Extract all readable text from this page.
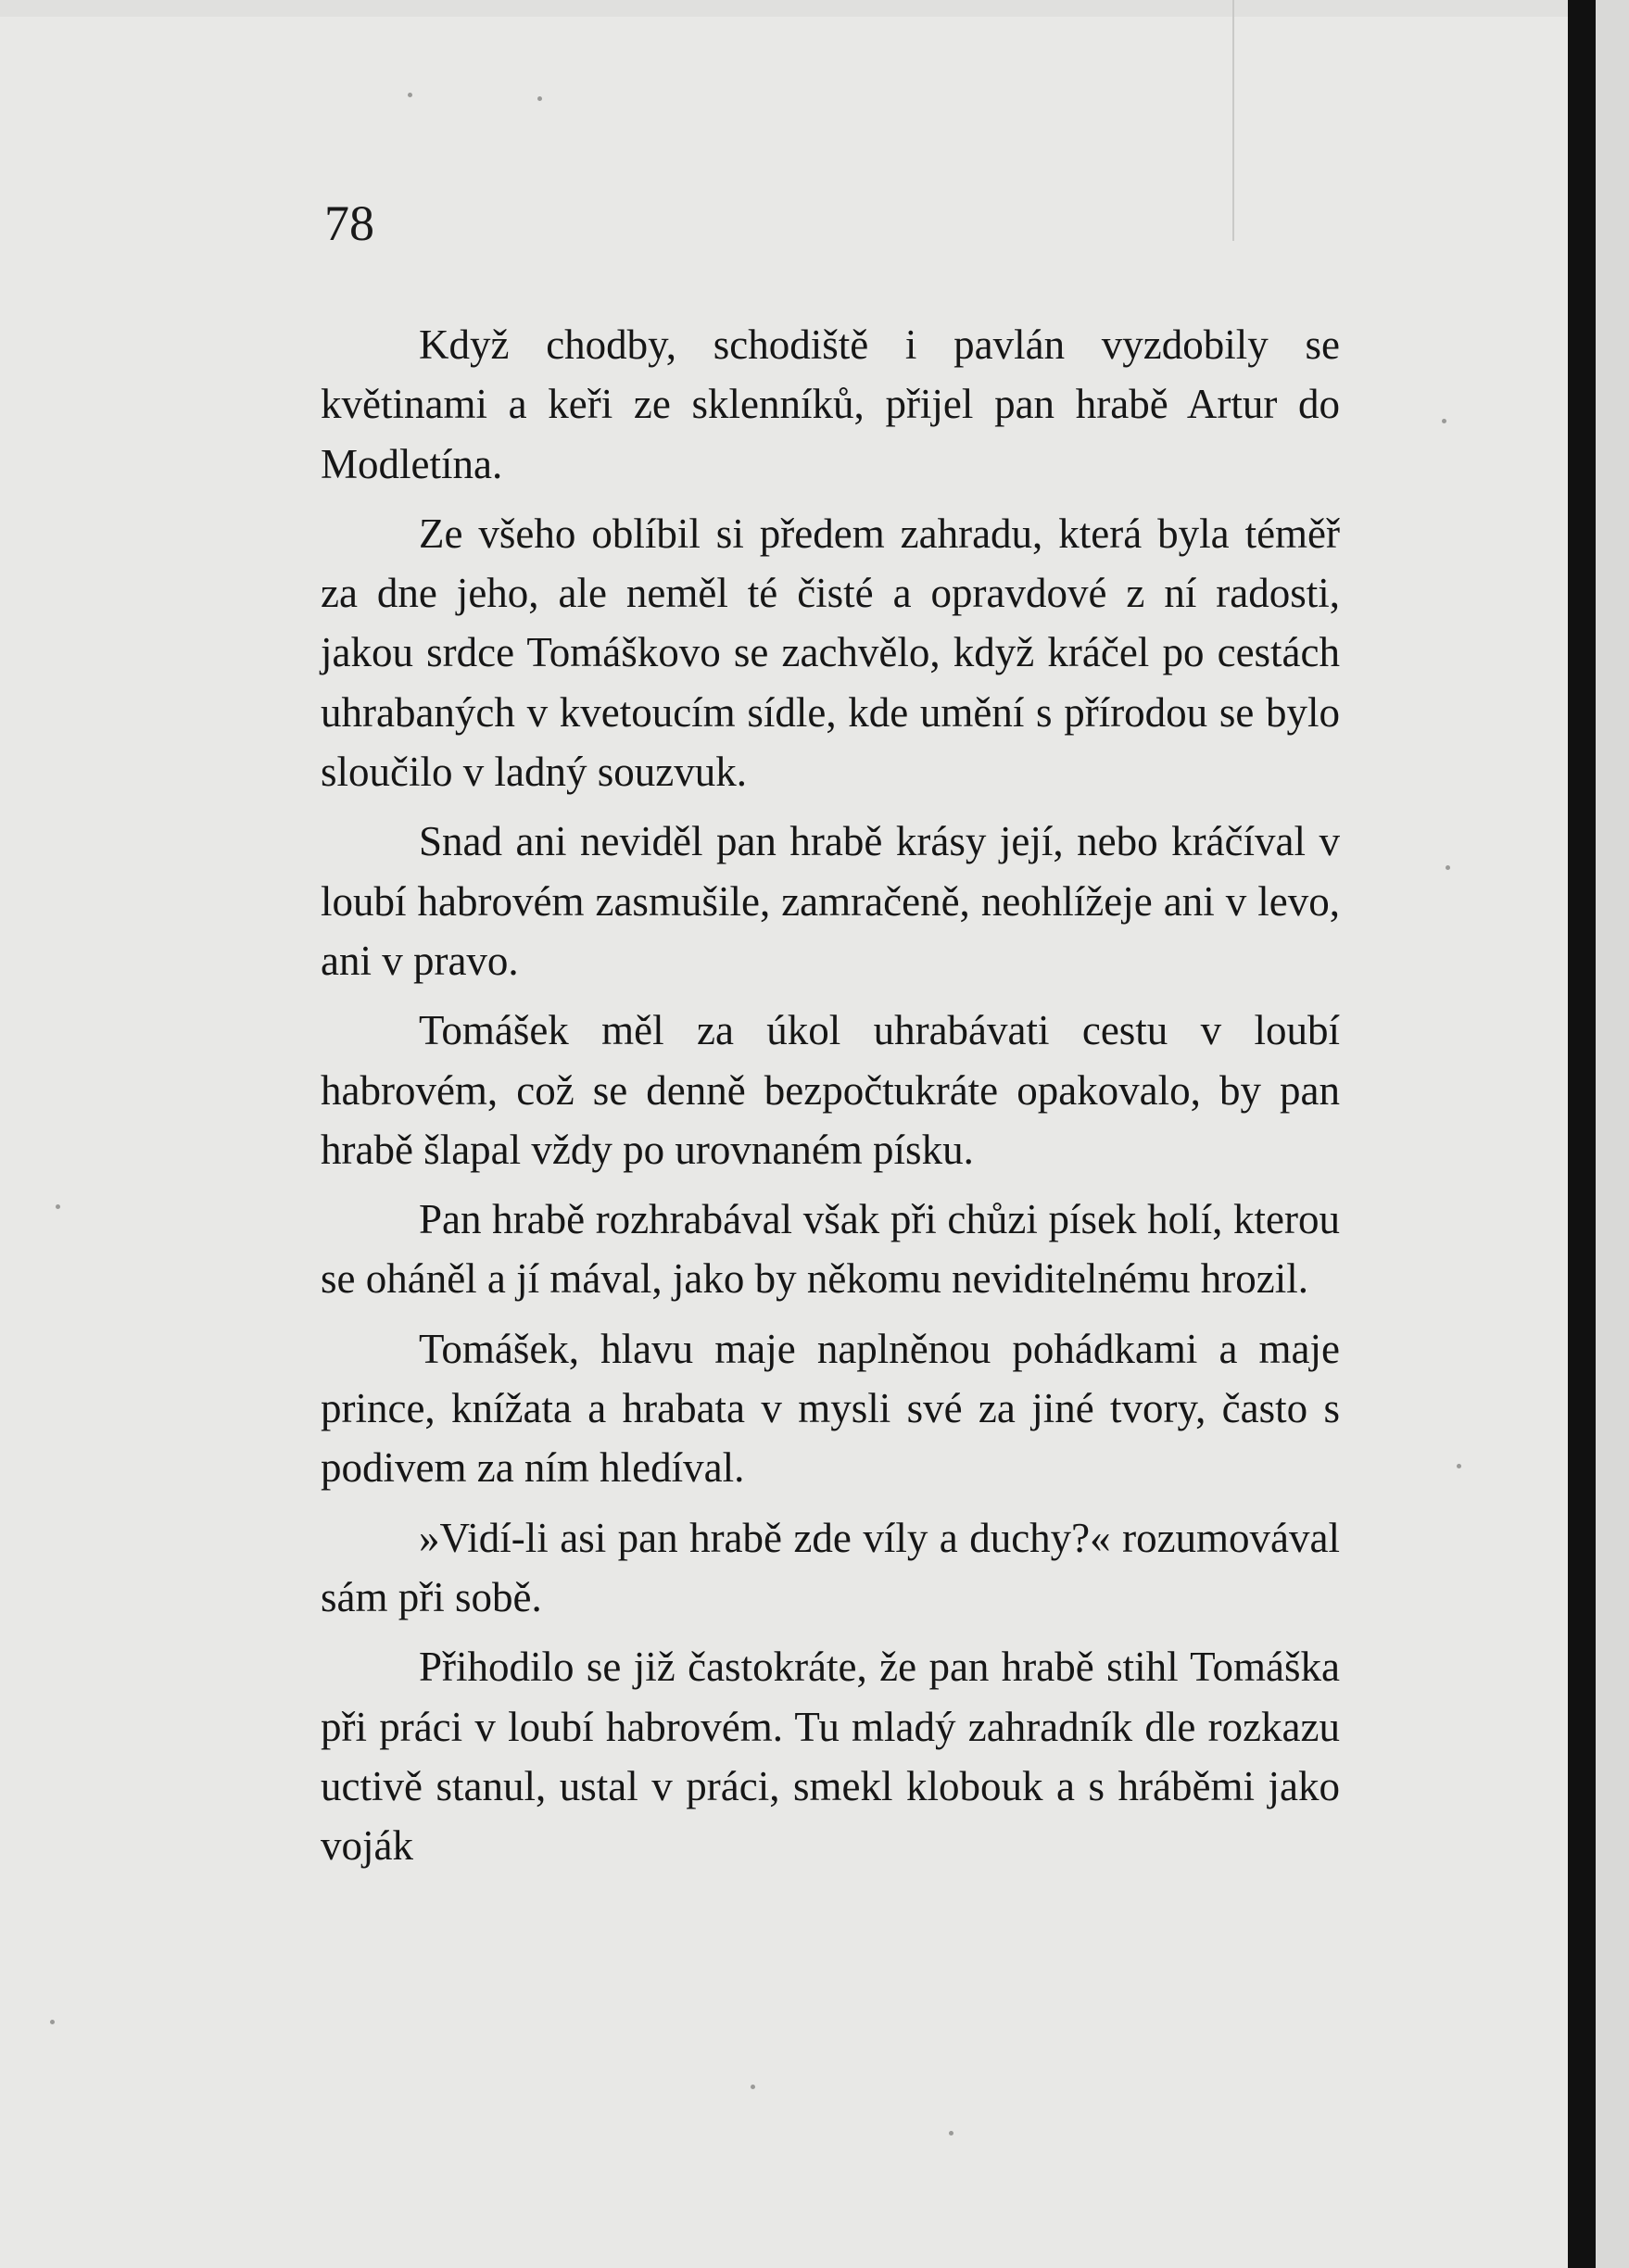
78

Když chodby, schodiště i pavlán vyzdobily se květinami a keři ze sklenníků, přijel pan hrabě Artur do Modletína.

Ze všeho oblíbil si předem zahradu, která byla téměř za dne jeho, ale neměl té čisté a opravdové z ní radosti, jakou srdce Tomáškovo se zachvělo, když kráčel po cestách uhrabaných v kvetoucím sídle, kde umění s přírodou se bylo sloučilo v ladný souzvuk.

Snad ani neviděl pan hrabě krásy její, nebo kráčíval v loubí habrovém zasmušile, zamračeně, neohlížeje ani v levo, ani v pravo.

Tomášek měl za úkol uhrabávati cestu v loubí habrovém, což se denně bezpočtukráte opakovalo, by pan hrabě šlapal vždy po urovnaném písku.

Pan hrabě rozhrabával však při chůzi písek holí, kterou se oháněl a jí mával, jako by někomu neviditelnému hrozil.

Tomášek, hlavu maje naplněnou pohádkami a maje prince, knížata a hrabata v mysli své za jiné tvory, často s podivem za ním hledíval.

»Vidí-li asi pan hrabě zde víly a duchy?« rozumovával sám při sobě.

Přihodilo se již častokráte, že pan hrabě stihl Tomáška při práci v loubí habrovém. Tu mladý zahradník dle rozkazu uctivě stanul, ustal v práci, smekl klobouk a s hráběmi jako voják
